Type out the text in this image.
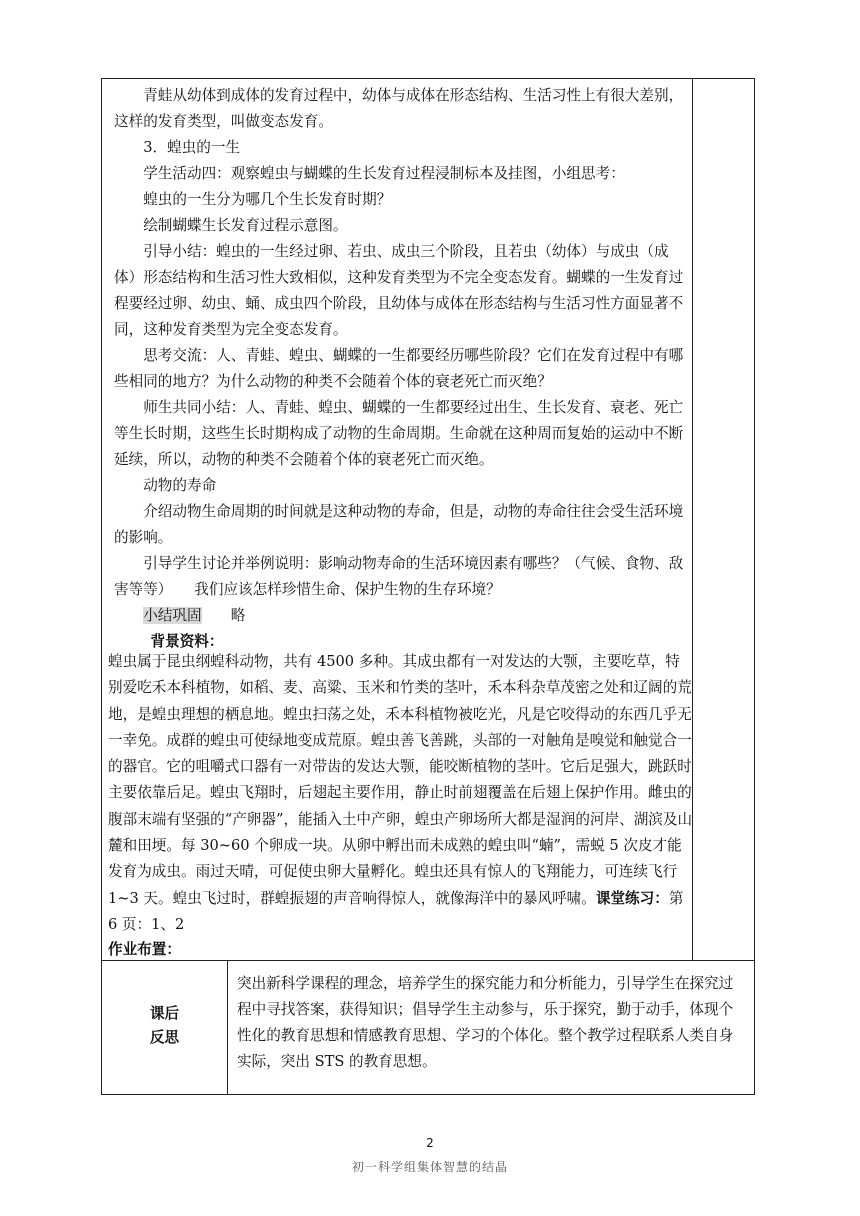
青蛙从幼体到成体的发育过程中，幼体与成体在形态结构、生活习性上有很大差别，这样的发育类型，叫做变态发育。

3．蝗虫的一生

学生活动四：观察蝗虫与蝴蝶的生长发育过程浸制标本及挂图，小组思考：

蝗虫的一生分为哪几个生长发育时期？

绘制蝴蝶生长发育过程示意图。

引导小结：蝗虫的一生经过卵、若虫、成虫三个阶段，且若虫（幼体）与成虫（成体）形态结构和生活习性大致相似，这种发育类型为不完全变态发育。蝴蝶的一生发育过程要经过卵、幼虫、蛹、成虫四个阶段，且幼体与成体在形态结构与生活习性方面显著不同，这种发育类型为完全变态发育。

思考交流：人、青蛙、蝗虫、蝴蝶的一生都要经历哪些阶段？它们在发育过程中有哪些相同的地方？为什么动物的种类不会随着个体的衰老死亡而灭绝？

师生共同小结：人、青蛙、蝗虫、蝴蝶的一生都要经过出生、生长发育、衰老、死亡等生长时期，这些生长时期构成了动物的生命周期。生命就在这种周而复始的运动中不断延续，所以，动物的种类不会随着个体的衰老死亡而灭绝。

动物的寿命

介绍动物生命周期的时间就是这种动物的寿命，但是，动物的寿命往往会受生活环境的影响。

引导学生讨论并举例说明：影响动物寿命的生活环境因素有哪些？（气候、食物、敌害等等）　　我们应该怎样珍惜生命、保护生物的生存环境？

小结巩固　　 略

背景资料：

蝗虫属于昆虫纲蝗科动物，共有 4500 多种。其成虫都有一对发达的大颚，主要吃草，特别爱吃禾本科植物，如稻、麦、高粱、玉米和竹类的茎叶，禾本科杂草茂密之处和辽阔的荒地，是蝗虫理想的栖息地。蝗虫扫荡之处，禾本科植物被吃光，凡是它咬得动的东西几乎无一幸免。成群的蝗虫可使绿地变成荒原。蝗虫善飞善跳，头部的一对触角是嗅觉和触觉合一的器官。它的咀嚼式口器有一对带齿的发达大颚，能咬断植物的茎叶。它后足强大，跳跃时主要依靠后足。蝗虫飞翔时，后翅起主要作用，静止时前翅覆盖在后翅上保护作用。雌虫的腹部末端有坚强的“产卵器”，能插入土中产卵，蝗虫产卵场所大都是湿润的河岸、湖滨及山麓和田埂。每 30~60 个卵成一块。从卵中孵出而未成熟的蝗虫叫“蝻”，需蜕 5 次皮才能发育为成虫。雨过天晴，可促使虫卵大量孵化。蝗虫还具有惊人的飞翔能力，可连续飞行 1~3 天。蝗虫飞过时，群蝗振翅的声音响得惊人，就像海洋中的暴风呼啸。课堂练习：第 6 页：1、2

作业布置：
课后
反思
突出新科学课程的理念，培养学生的探究能力和分析能力，引导学生在探究过程中寻找答案，获得知识；倡导学生主动参与，乐于探究，勤于动手，体现个性化的教育思想和情感教育思想、学习的个体化。整个教学过程联系人类自身实际，突出 STS 的教育思想。
2
初一科学组集体智慧的结晶
